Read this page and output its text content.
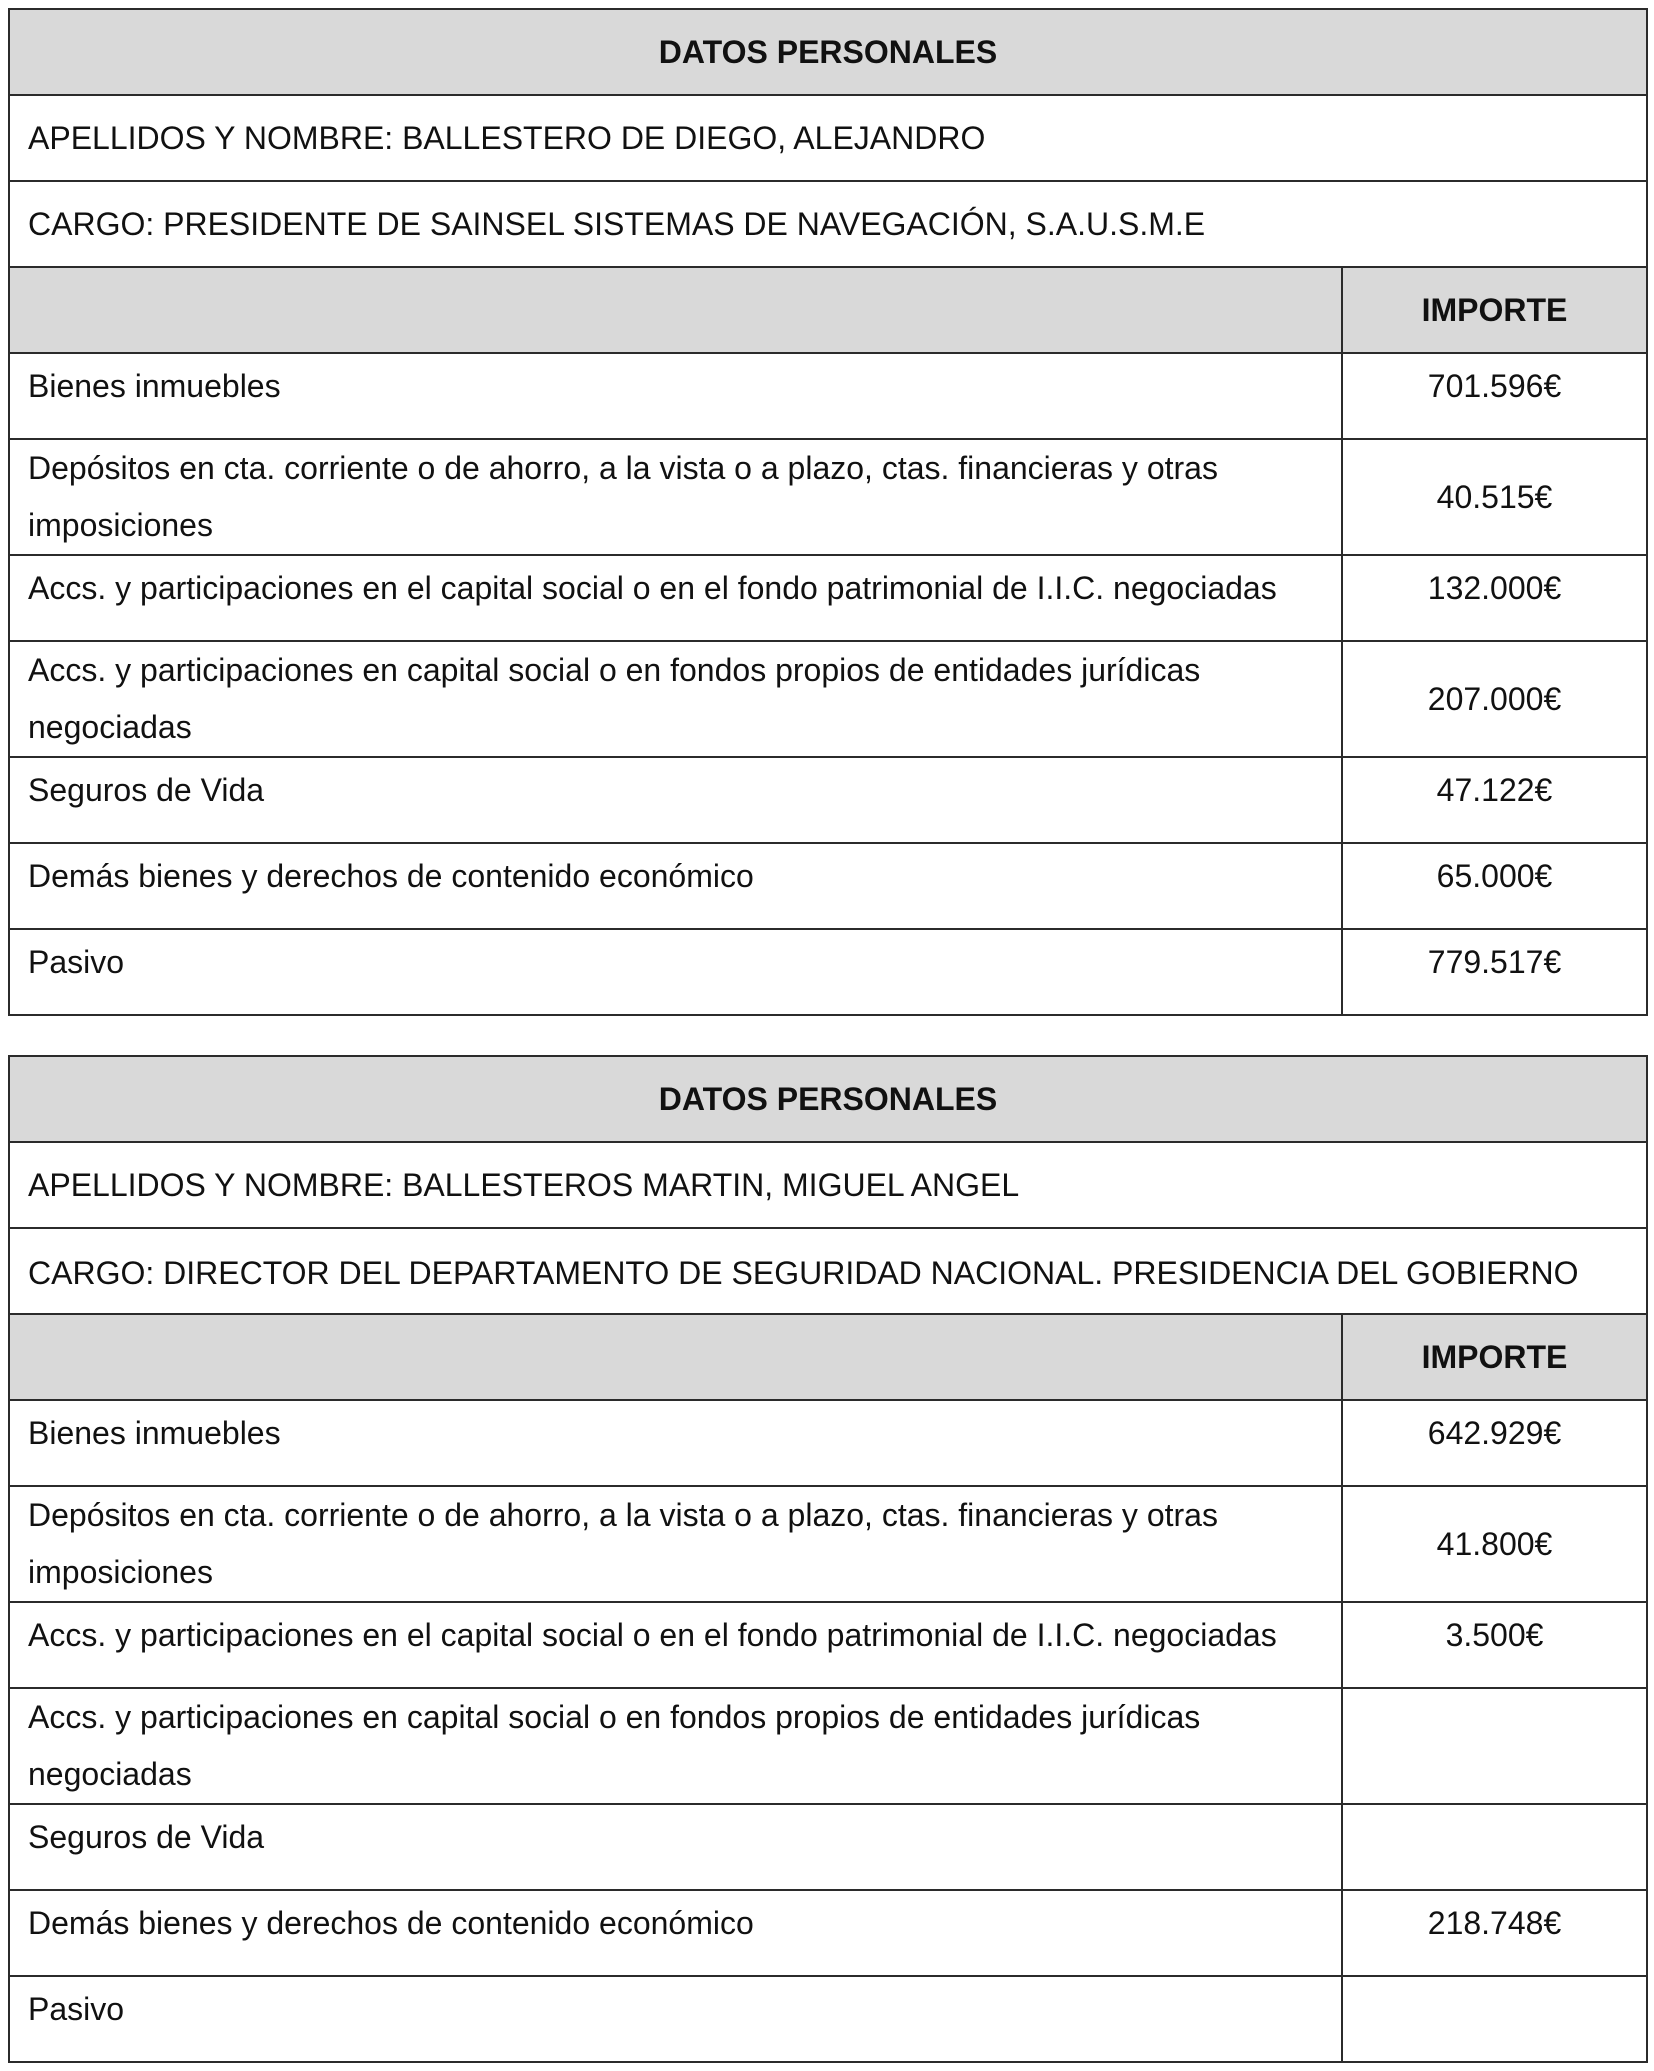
DATOS PERSONALES	
APELLIDOS Y NOMBRE: BALLESTERO DE DIEGO, ALEJANDRO	
CARGO: PRESIDENTE DE SAINSEL SISTEMAS DE NAVEGACIÓN, S.A.U.S.M.E	
	IMPORTE
Bienes inmuebles	701.596€
Depósitos en cta. corriente o de ahorro, a la vista o a plazo, ctas. financieras y otras imposiciones	40.515€
Accs. y participaciones en el capital social o en el fondo patrimonial de I.I.C. negociadas	132.000€
Accs. y participaciones en capital social o en fondos propios de entidades jurídicas negociadas	207.000€
Seguros de Vida	47.122€
Demás bienes y derechos de contenido económico	65.000€
Pasivo	779.517€
DATOS PERSONALES	
APELLIDOS Y NOMBRE: BALLESTEROS MARTIN, MIGUEL ANGEL	
CARGO: DIRECTOR DEL DEPARTAMENTO DE SEGURIDAD NACIONAL. PRESIDENCIA DEL GOBIERNO	
	IMPORTE
Bienes inmuebles	642.929€
Depósitos en cta. corriente o de ahorro, a la vista o a plazo, ctas. financieras y otras imposiciones	41.800€
Accs. y participaciones en el capital social o en el fondo patrimonial de I.I.C. negociadas	3.500€
Accs. y participaciones en capital social o en fondos propios de entidades jurídicas negociadas	
Seguros de Vida	
Demás bienes y derechos de contenido económico	218.748€
Pasivo	
